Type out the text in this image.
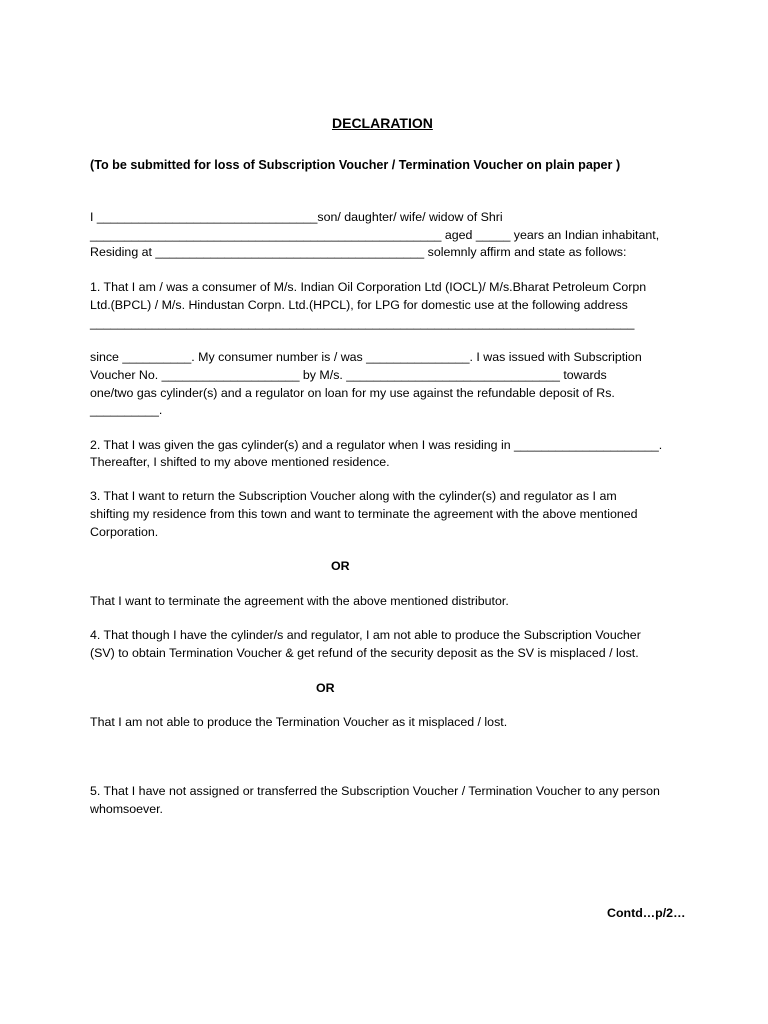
DECLARATION
(To be submitted for loss of Subscription Voucher / Termination Voucher on plain paper )
I ________________________________son/ daughter/ wife/ widow of Shri
___________________________________________________ aged _____ years an Indian inhabitant,
Residing at _______________________________________ solemnly affirm and state as follows:
1. That I am / was a consumer of M/s. Indian Oil Corporation Ltd (IOCL)/ M/s.Bharat Petroleum Corpn
Ltd.(BPCL) / M/s. Hindustan Corpn. Ltd.(HPCL), for LPG for domestic use at the following address
_______________________________________________________________________________
since __________. My consumer number is / was _______________. I was issued with Subscription
Voucher No. ____________________ by M/s. _______________________________ towards
one/two gas cylinder(s) and a regulator on loan for my use against the refundable deposit of Rs.
__________.
2. That I was given the gas cylinder(s) and a regulator when I was residing in _____________________.
Thereafter, I shifted to my above mentioned residence.
3. That I want to return the Subscription Voucher along with the cylinder(s) and regulator as I am
shifting my residence from this town and want to terminate the agreement with the above mentioned
Corporation.
OR
That I want to terminate the agreement with the above mentioned distributor.
4. That though I have the cylinder/s and regulator, I am not able to produce the Subscription Voucher
(SV) to obtain Termination Voucher & get refund of the security deposit as the SV is misplaced / lost.
OR
That I am not able to produce the Termination Voucher as it misplaced / lost.
5. That I have not assigned or transferred the Subscription Voucher / Termination Voucher to any person
whomsoever.
Contd…p/2…
